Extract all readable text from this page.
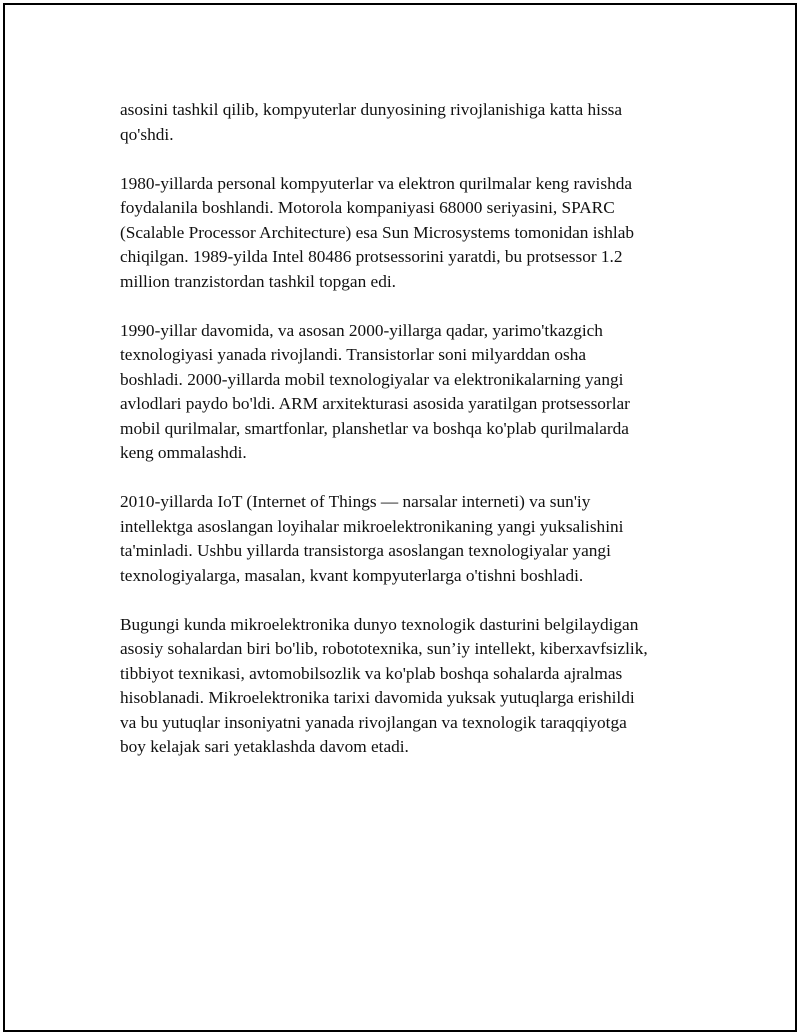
asosini tashkil qilib, kompyuterlar dunyosining rivojlanishiga katta hissa
qo'shdi.

1980-yillarda personal kompyuterlar va elektron qurilmalar keng ravishda
foydalanila boshlandi. Motorola kompaniyasi 68000 seriyasini, SPARC
(Scalable Processor Architecture) esa Sun Microsystems tomonidan ishlab
chiqilgan. 1989-yilda Intel 80486 protsessorini yaratdi, bu protsessor 1.2
million tranzistordan tashkil topgan edi.

1990-yillar davomida, va asosan 2000-yillarga qadar, yarimo'tkazgich
texnologiyasi yanada rivojlandi. Transistorlar soni milyarddan osha
boshladi. 2000-yillarda mobil texnologiyalar va elektronikalarning yangi
avlodlari paydo bo'ldi. ARM arxitekturasi asosida yaratilgan protsessorlar
mobil qurilmalar, smartfonlar, planshetlar va boshqa ko'plab qurilmalarda
keng ommalashdi.

2010-yillarda IoT (Internet of Things — narsalar interneti) va sun'iy
intellektga asoslangan loyihalar mikroelektronikaning yangi yuksalishini
ta'minladi. Ushbu yillarda transistorga asoslangan texnologiyalar yangi
texnologiyalarga, masalan, kvant kompyuterlarga o'tishni boshladi.

Bugungi kunda mikroelektronika dunyo texnologik dasturini belgilaydigan
asosiy sohalardan biri bo'lib, robototexnika, sun’iy intellekt, kiberxavfsizlik,
tibbiyot texnikasi, avtomobilsozlik va ko'plab boshqa sohalarda ajralmas
hisoblanadi. Mikroelektronika tarixi davomida yuksak yutuqlarga erishildi
va bu yutuqlar insoniyatni yanada rivojlangan va texnologik taraqqiyotga
boy kelajak sari yetaklashda davom etadi.
